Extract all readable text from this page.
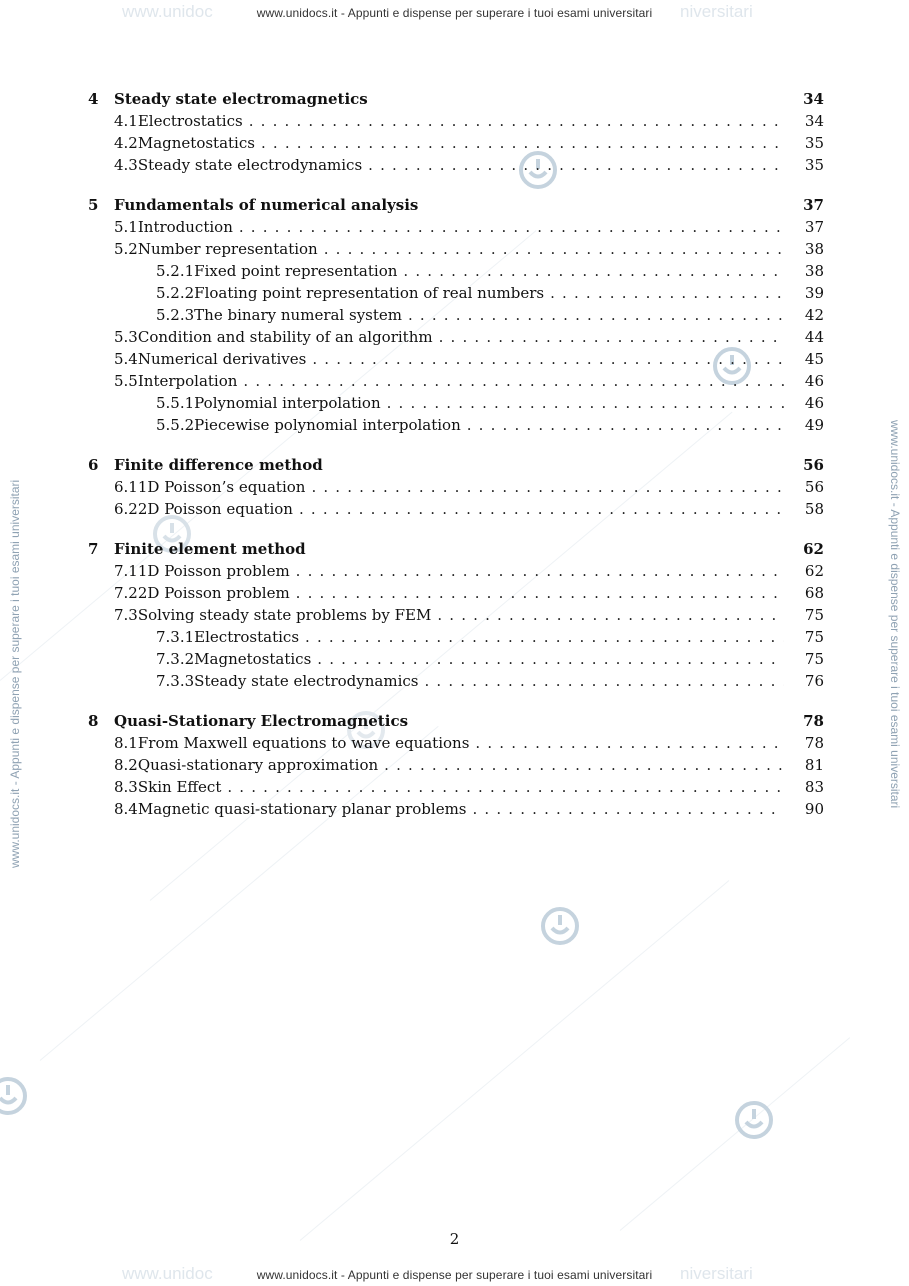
www.unidoc	niversitari
www.unidocs.it - Appunti e dispense per superare i tuoi esami universitari
www.unidocs.it - Appunti e dispense per superare i tuoi esami universitari	www.unidocs.it - Appunti e dispense per superare i tuoi esami universitari
4	Steady state electromagnetics	34
4.1 Electrostatics . . .	34
4.2 Magnetostatics . . .	35
4.3 Steady state electrodynamics . . .	35
5	Fundamentals of numerical analysis	37
5.1 Introduction . . .	37
5.2 Number representation . . .	38
5.2.1 Fixed point representation . . .	38
5.2.2 Floating point representation of real numbers . . .	39
5.2.3 The binary numeral system . . .	42
5.3 Condition and stability of an algorithm . . .	44
5.4 Numerical derivatives . . .	45
5.5 Interpolation . . .	46
5.5.1 Polynomial interpolation . . .	46
5.5.2 Piecewise polynomial interpolation . . .	49
6	Finite difference method	56
6.1 1D Poisson’s equation . . .	56
6.2 2D Poisson equation . . .	58
7	Finite element method	62
7.1 1D Poisson problem . . .	62
7.2 2D Poisson problem . . .	68
7.3 Solving steady state problems by FEM . . .	75
7.3.1 Electrostatics . . .	75
7.3.2 Magnetostatics . . .	75
7.3.3 Steady state electrodynamics . . .	76
8	Quasi-Stationary Electromagnetics	78
8.1 From Maxwell equations to wave equations . . .	78
8.2 Quasi-stationary approximation . . .	81
8.3 Skin Effect . . .	83
8.4 Magnetic quasi-stationary planar problems . . .	90
2
www.unidoc	niversitari
www.unidocs.it - Appunti e dispense per superare i tuoi esami universitari
